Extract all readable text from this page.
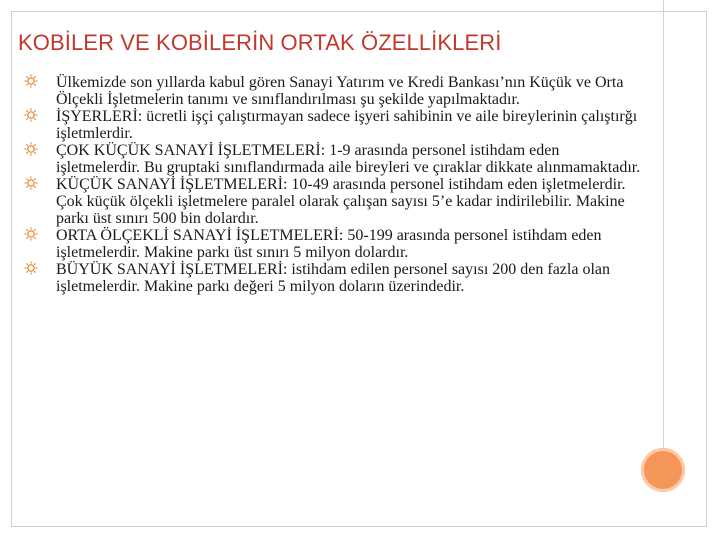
KOBİLER VE KOBİLERİN ORTAK ÖZELLİKLERİ
Ülkemizde son yıllarda kabul gören Sanayi Yatırım ve Kredi Bankası’nın Küçük ve Orta Ölçekli İşletmelerin tanımı ve sınıflandırılması şu şekilde yapılmaktadır.
İŞYERLERİ: ücretli işçi çalıştırmayan sadece işyeri sahibinin ve aile bireylerinin çalıştırğı işletmlerdir.
ÇOK KÜÇÜK SANAYİ İŞLETMELERİ: 1-9 arasında personel istihdam eden işletmelerdir. Bu gruptaki sınıflandırmada aile bireyleri ve çıraklar dikkate alınmamaktadır.
KÜÇÜK SANAYİ İŞLETMELERİ: 10-49 arasında personel istihdam eden işletmelerdir. Çok küçük ölçekli işletmelere paralel olarak çalışan sayısı 5’e kadar indirilebilir. Makine parkı üst sınırı 500 bin dolardır.
ORTA ÖLÇEKLİ SANAYİ İŞLETMELERİ: 50-199 arasında personel istihdam eden işletmelerdir. Makine parkı üst sınırı 5 milyon dolardır.
BÜYÜK SANAYİ İŞLETMELERİ: istihdam edilen personel sayısı 200 den fazla olan işletmelerdir. Makine parkı değeri 5 milyon doların üzerindedir.
